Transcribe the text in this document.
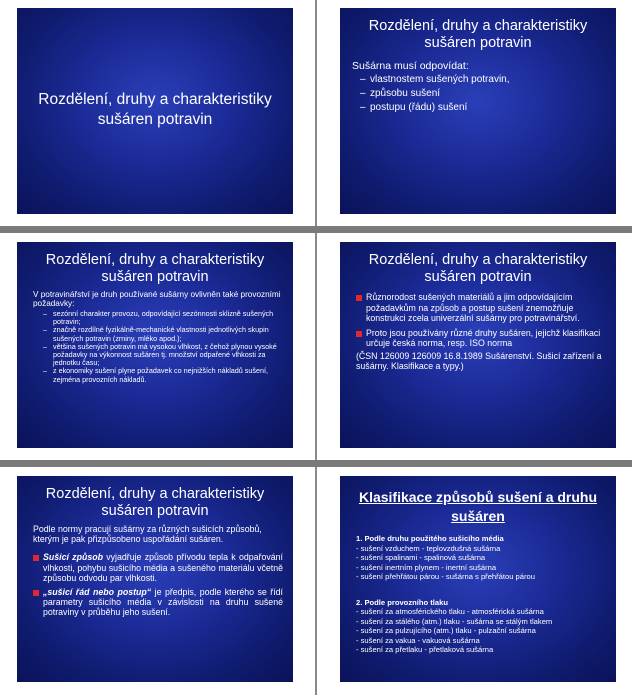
Rozdělení, druhy a charakteristiky sušáren potravin
Rozdělení, druhy a charakteristiky sušáren potravin

Sušárna musí odpovídat:

– vlastnostem sušených potravin,
– způsobu sušení
– postupu (řádu) sušení
Rozdělení, druhy a charakteristiky sušáren potravin

V potravinářství je druh používané sušárny ovlivněn také provozními požadavky:

– sezónní charakter provozu, odpovídající sezónnosti sklizně sušených potravin;
– značně rozdílné fyzikálně-mechanické vlastnosti jednotlivých skupin sušených potravin (zrniny, mléko apod.);
– většina sušených potravin má vysokou vlhkost, z čehož plynou vysoké požadavky na výkonnost sušáren tj. množství odpařené vlhkosti za jednotku času;
– z ekonomiky sušení plyne požadavek co nejnižších nákladů sušení, zejména provozních nákladů.
Rozdělení, druhy a charakteristiky sušáren potravin
Různorodost sušených materiálů a jim odpovídajícím požadavkům na způsob a postup sušení znemožňuje konstrukci zcela univerzální sušárny pro potravinářství.
Proto jsou používány různé druhy sušáren, jejichž klasifikaci určuje česká norma, resp. ISO norma

(ČSN 126009 126009 16.8.1989 Sušárenství. Sušicí zařízení a sušárny. Klasifikace a typy.)

Rozdělení, druhy a charakteristiky sušáren potravin

Podle normy pracují sušárny za různých sušicích způsobů, kterým je pak přizpůsobeno uspořádání sušáren.

Sušicí způsob vyjadřuje způsob přívodu tepla k odpařování vlhkosti, pohybu sušicího média a sušeného materiálu včetně způsobu odvodu par vlhkosti.
„sušicí řád nebo postup“ je předpis, podle kterého se řídí parametry sušicího média v závislosti na druhu sušené potraviny v průběhu jeho sušení.
Klasifikace způsobů sušení a druhu sušáren
1. Podle druhu použitého sušicího média
- sušení vzduchem - teplovzdušná sušárna
- sušení spalinami - spalinová sušárna
- sušení inertním plynem - inertní sušárna
- sušení přehřátou párou - sušárna s přehřátou párou
2. Podle provozního tlaku
- sušení za atmosférického tlaku - atmosférická sušárna
- sušení za stálého (atm.) tlaku - sušárna se stálým tlakem
- sušení za pulzujícího (atm.) tlaku - pulzační sušárna
- sušení za vakua - vakuová sušárna
- sušení za přetlaku - přetlaková sušárna
